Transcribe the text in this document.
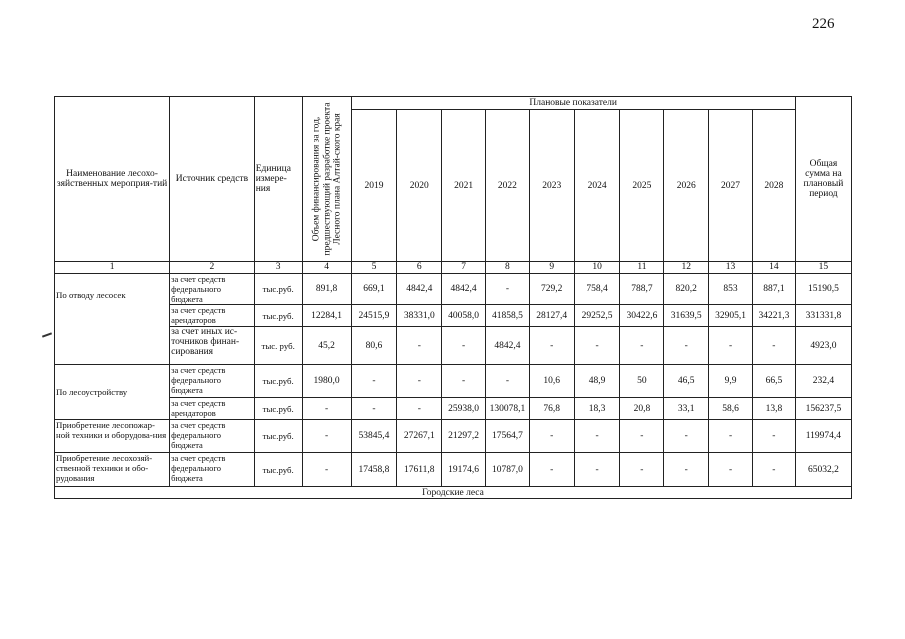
226
Наименование лесохо-зяйственных мероприя-тий	Источник средств	Единица измере-ния	Объем финансирования за год, предшествующий разработке проекта Лесного плана Алтай-ского края	Плановые показатели										Общая сумма на плановый период
				2019	2020	2021	2022	2023	2024	2025	2026	2027	2028	
1	2	3	4	5	6	7	8	9	10	11	12	13	14	15
По отводу лесосек	за счет средств федерального бюджета	тыс.руб.	891,8	669,1	4842,4	4842,4	-	729,2	758,4	788,7	820,2	853	887,1	15190,5
	за счет средств арендаторов	тыс.руб.	12284,1	24515,9	38331,0	40058,0	41858,5	28127,4	29252,5	30422,6	31639,5	32905,1	34221,3	331331,8
	за счет иных ис-точников финан-сирования	тыс. руб.	45,2	80,6	-	-	4842,4	-	-	-	-	-	-	4923,0
По лесоустройству	за счет средств федерального бюджета	тыс.руб.	1980,0	-	-	-	-	10,6	48,9	50	46,5	9,9	66,5	232,4
	за счет средств арендаторов	тыс.руб.	-	-	-	25938,0	130078,1	76,8	18,3	20,8	33,1	58,6	13,8	156237,5
Приобретение лесопожар-ной техники и оборудова-ния	за счет средств федерального бюджета	тыс.руб.	-	53845,4	27267,1	21297,2	17564,7	-	-	-	-	-	-	119974,4
Приобретение лесохозяй-ственной техники и обо-рудования	за счет средств федерального бюджета	тыс.руб.	-	17458,8	17611,8	19174,6	10787,0	-	-	-	-	-	-	65032,2
Городские леса														
